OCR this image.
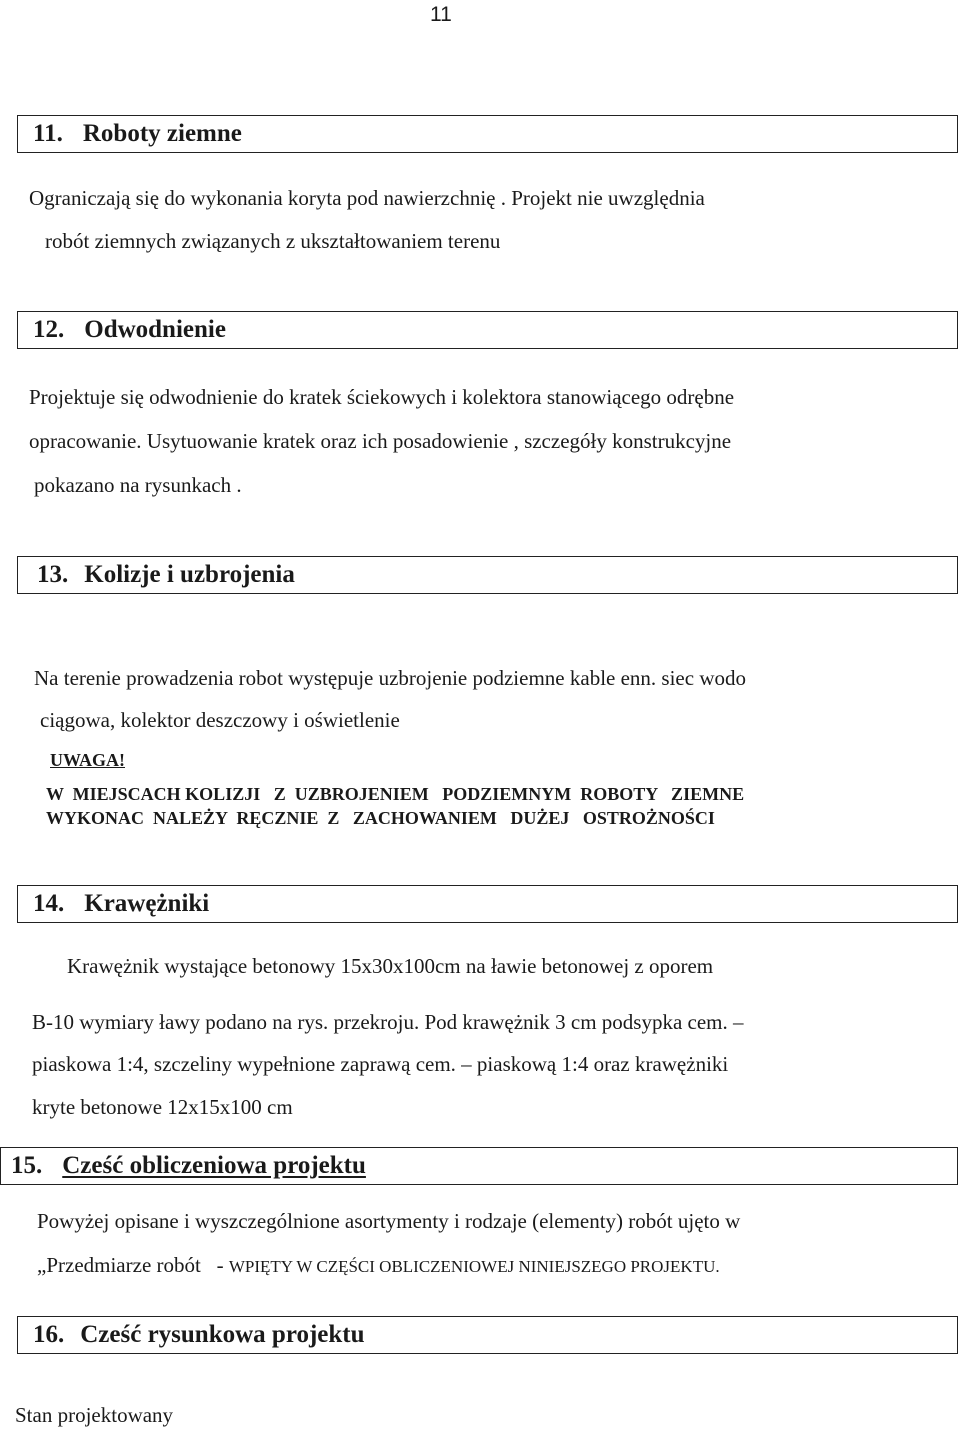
11
11. Roboty ziemne
Ograniczają się do wykonania koryta pod nawierzchnię . Projekt nie uwzględnia
robót ziemnych związanych z ukształtowaniem terenu
12. Odwodnienie
Projektuje się odwodnienie do kratek ściekowych i kolektora stanowiącego odrębne
opracowanie. Usytuowanie kratek oraz ich posadowienie , szczegóły konstrukcyjne
pokazano na rysunkach .
13. Kolizje i uzbrojenia
Na terenie prowadzenia robot występuje uzbrojenie podziemne kable enn. siec wodo
ciągowa, kolektor deszczowy i oświetlenie
UWAGA!
W  MIEJSCACH KOLIZJI   Z  UZBROJENIEM   PODZIEMNYM  ROBOTY   ZIEMNE
WYKONAC  NALEŻY  RĘCZNIE  Z   ZACHOWANIEM   DUŻEJ   OSTROŻNOŚCI
14. Krawężniki
Krawężnik wystające betonowy 15x30x100cm na ławie betonowej z oporem
B-10 wymiary ławy podano na rys. przekroju. Pod krawężnik 3 cm podsypka cem. –
piaskowa 1:4, szczeliny wypełnione zaprawą cem. – piaskową 1:4 oraz krawężniki
kryte betonowe 12x15x100 cm
15. Cześć obliczeniowa projektu
Powyżej opisane i wyszczególnione asortymenty i rodzaje (elementy) robót ujęto w
„Przedmiarze robót   - WPIĘTY W CZĘŚCI OBLICZENIOWEJ NINIEJSZEGO PROJEKTU.
16. Cześć rysunkowa projektu
Stan projektowany
